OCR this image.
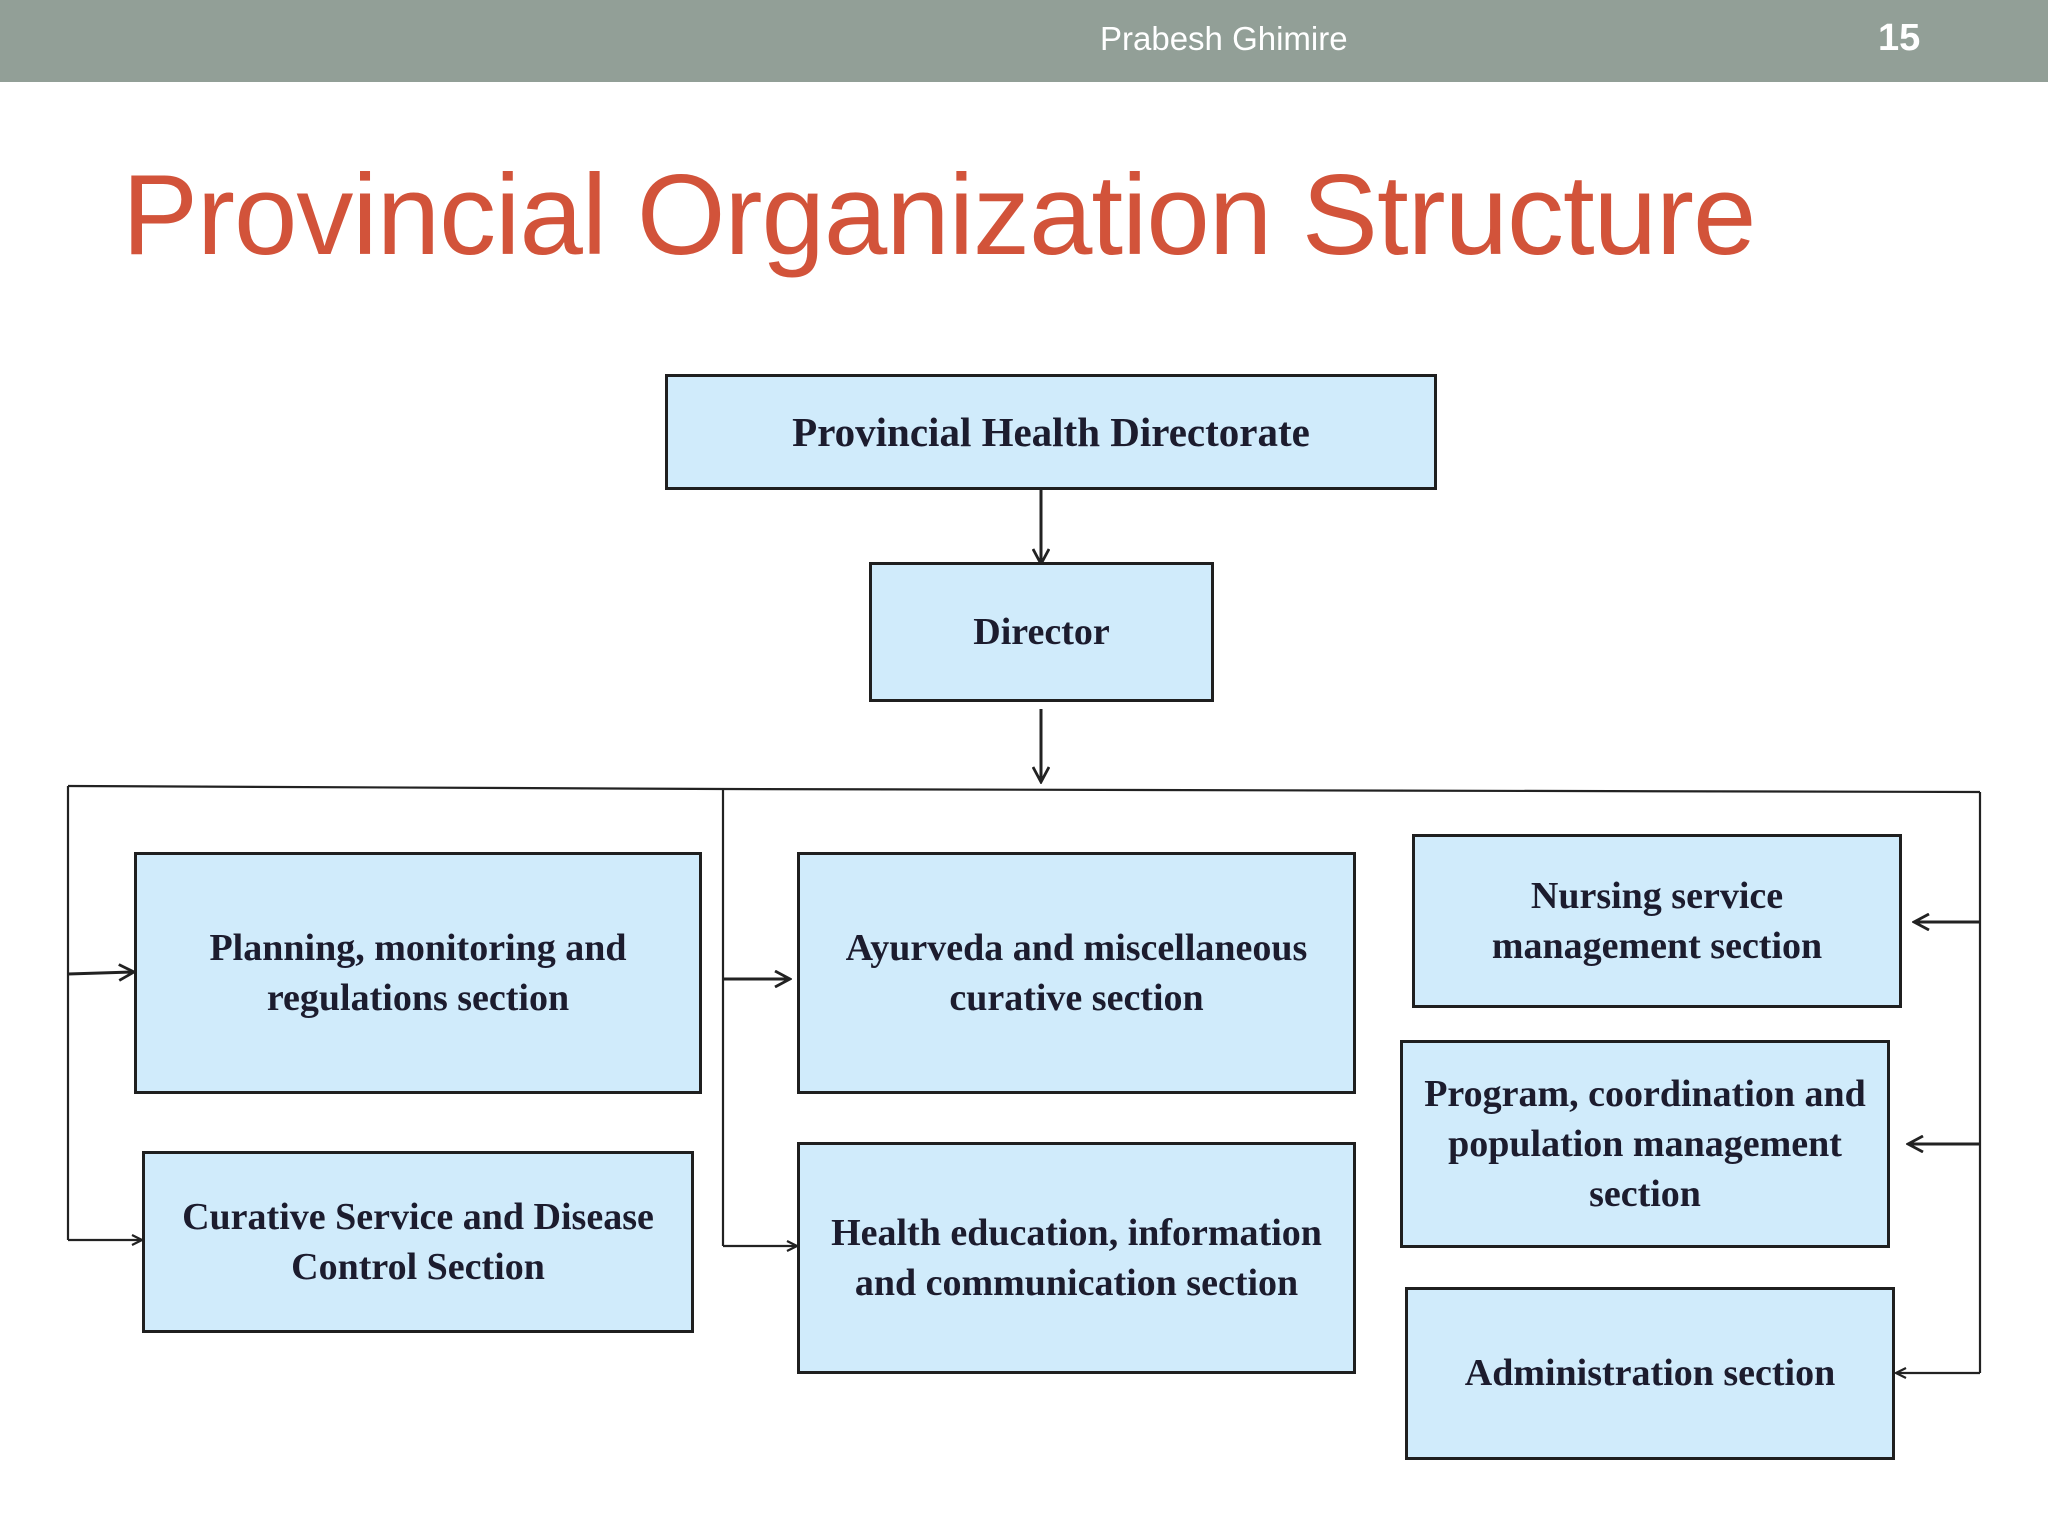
Prabesh Ghimire	15
Provincial Organization Structure
Provincial Health Directorate
Director
Planning, monitoring and regulations section
Curative Service and Disease Control Section
Ayurveda and miscellaneous curative section
Health education, information and communication section
Nursing service management section
Program, coordination and population management section
Administration section
